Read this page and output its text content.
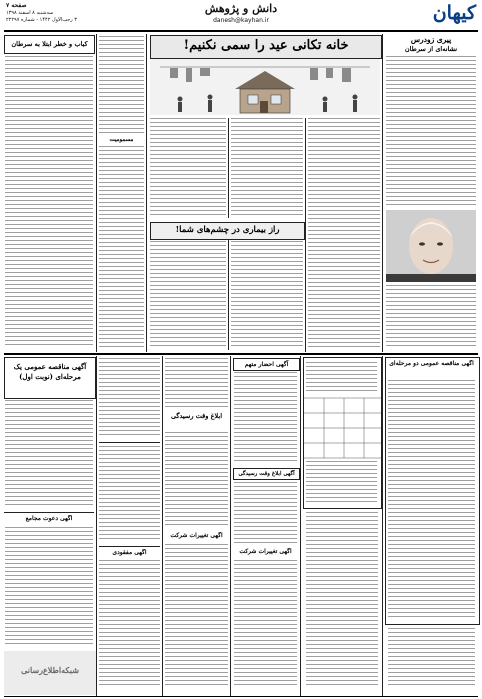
کیهان
دانش و پژوهش
danesh@kayhan.ir
صفحه ۷
سه‌شنبه ۸ اسفند ۱۳۹۸
۳ رجب‌الاول ۱۴۴۲ - شماره ۲۲۲۹۷
کباب و خطر ابتلا به سرطان
مسمومیت
خانه تکانی عید را سمی نکنیم!
راز بیماری در چشم‌های شما!
پیری زودرس
نشانه‌ای از سرطان
آگهی مناقصه عمومی دو مرحله‌ای
آگهی احضار متهم
آگهی ابلاغ وقت رسیدگی
آگهی تغییرات شرکت
ابلاغ وقت رسیدگی
آگهی تغییرات شرکت
آگهی مفقودی
آگهی مناقصه عمومی یک مرحله‌ای (نوبت اول)
آگهی دعوت مجامع
شبکه‌اطلاع‌رسانی
